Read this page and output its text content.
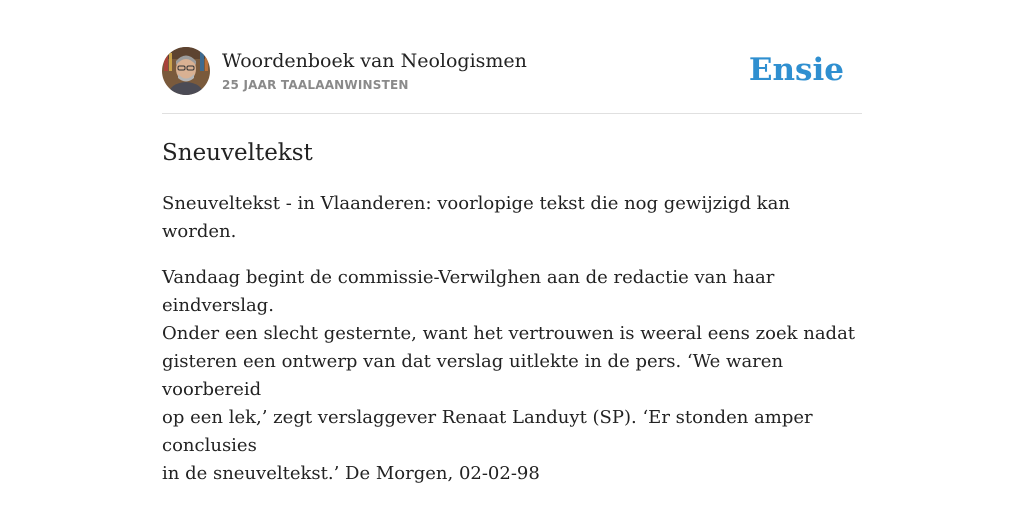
Woordenboek van Neologismen
25 JAAR TAALAANWINSTEN	Ensie
Sneuveltekst

Sneuveltekst - in Vlaanderen: voorlopige tekst die nog gewijzigd kan worden.

Vandaag begint de commissie-Verwilghen aan de redactie van haar eindverslag.
Onder een slecht gesternte, want het vertrouwen is weeral eens zoek nadat
gisteren een ontwerp van dat verslag uitlekte in de pers. ‘We waren voorbereid
op een lek,’ zegt verslaggever Renaat Landuyt (SP). ‘Er stonden amper conclusies
in de sneuveltekst.’ De Morgen, 02-02-98
